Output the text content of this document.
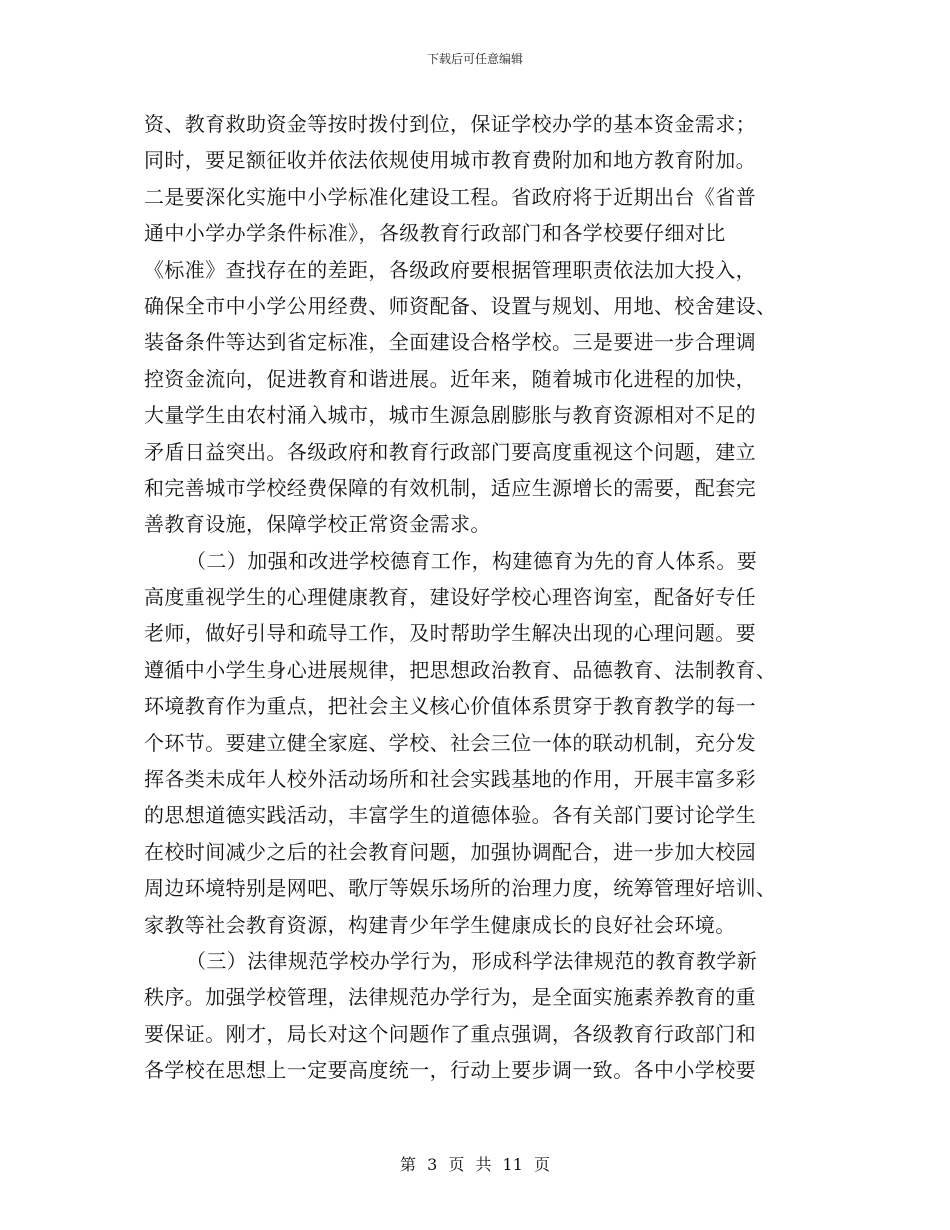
下载后可任意编辑
资、教育救助资金等按时拨付到位，保证学校办学的基本资金需求；
同时，要足额征收并依法依规使用城市教育费附加和地方教育附加。
二是要深化实施中小学标准化建设工程。省政府将于近期出台《省普
通中小学办学条件标准》，各级教育行政部门和各学校要仔细对比
《标准》查找存在的差距，各级政府要根据管理职责依法加大投入，
确保全市中小学公用经费、师资配备、设置与规划、用地、校舍建设、
装备条件等达到省定标准，全面建设合格学校。三是要进一步合理调
控资金流向，促进教育和谐进展。近年来，随着城市化进程的加快，
大量学生由农村涌入城市，城市生源急剧膨胀与教育资源相对不足的
矛盾日益突出。各级政府和教育行政部门要高度重视这个问题，建立
和完善城市学校经费保障的有效机制，适应生源增长的需要，配套完
善教育设施，保障学校正常资金需求。
（二）加强和改进学校德育工作，构建德育为先的育人体系。要
高度重视学生的心理健康教育，建设好学校心理咨询室，配备好专任
老师，做好引导和疏导工作，及时帮助学生解决出现的心理问题。要
遵循中小学生身心进展规律，把思想政治教育、品德教育、法制教育、
环境教育作为重点，把社会主义核心价值体系贯穿于教育教学的每一
个环节。要建立健全家庭、学校、社会三位一体的联动机制，充分发
挥各类未成年人校外活动场所和社会实践基地的作用，开展丰富多彩
的思想道德实践活动，丰富学生的道德体验。各有关部门要讨论学生
在校时间减少之后的社会教育问题，加强协调配合，进一步加大校园
周边环境特别是网吧、歌厅等娱乐场所的治理力度，统筹管理好培训、
家教等社会教育资源，构建青少年学生健康成长的良好社会环境。
（三）法律规范学校办学行为，形成科学法律规范的教育教学新
秩序。加强学校管理，法律规范办学行为，是全面实施素养教育的重
要保证。刚才，局长对这个问题作了重点强调，各级教育行政部门和
各学校在思想上一定要高度统一，行动上要步调一致。各中小学校要
第 3 页 共 11 页
